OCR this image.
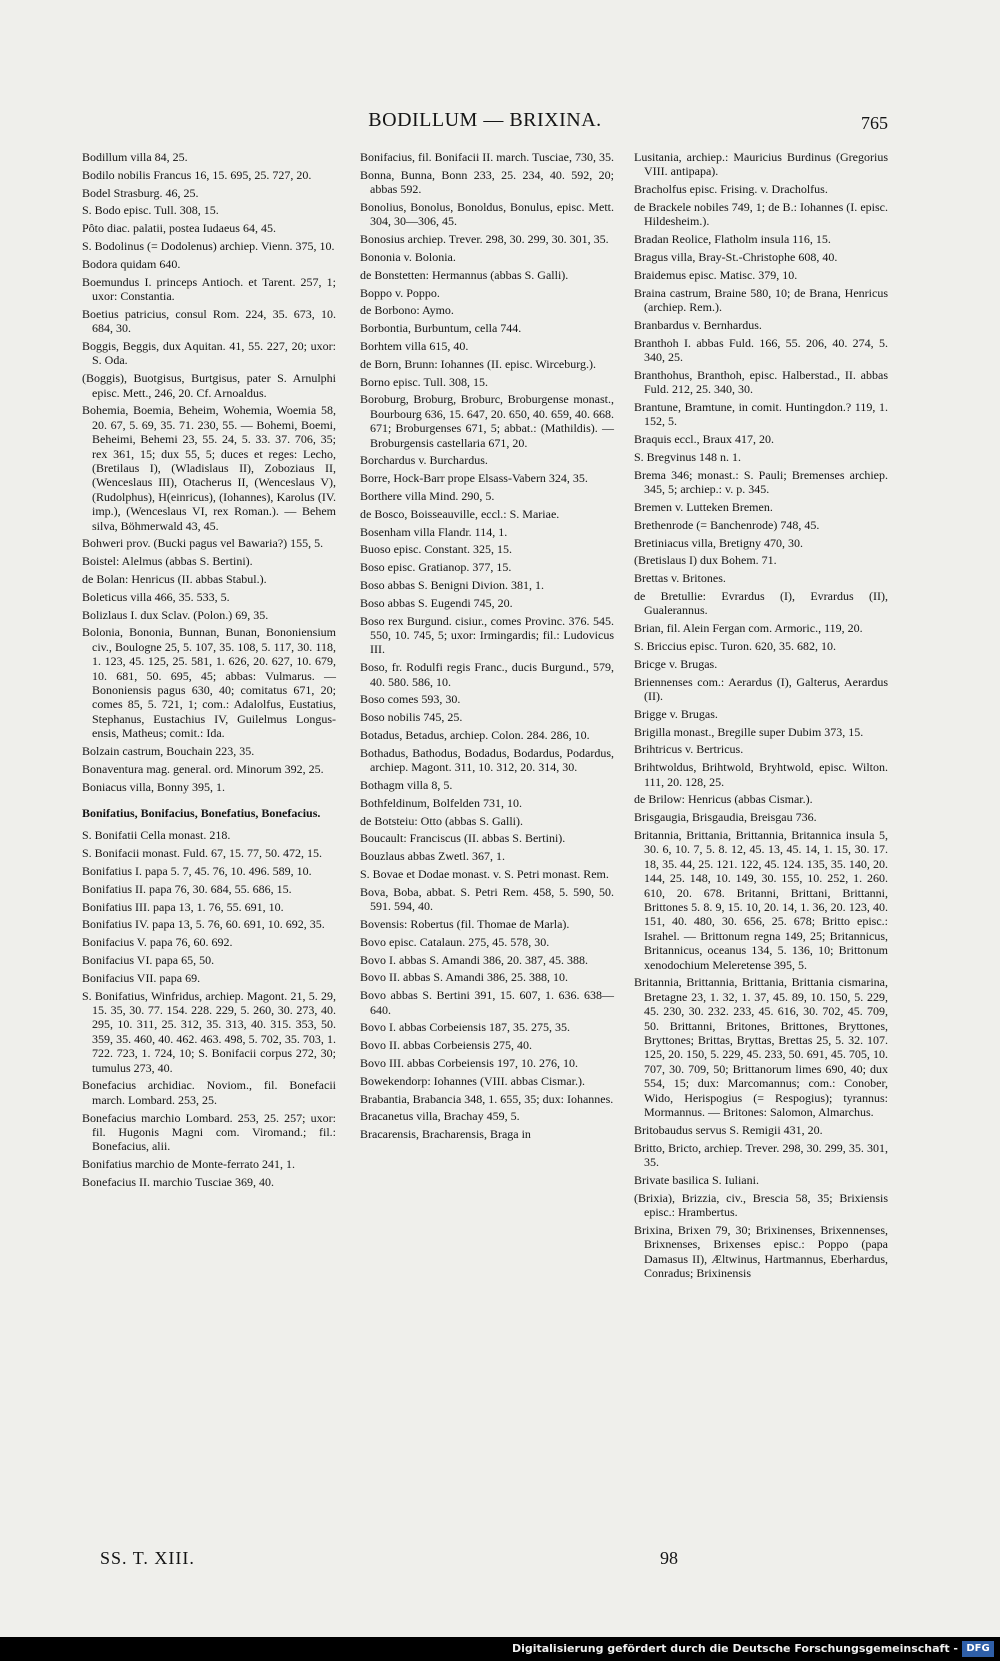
BODILLUM — BRIXINA.	765
Bodillum villa 84, 25.
Bodilo nobilis Francus 16, 15. 695, 25. 727, 20.
Bodel Strasburg. 46, 25.
S. Bodo episc. Tull. 308, 15.
Pôto diac. palatii, postea Iudaeus 64, 45.
S. Bodolinus (= Dodolenus) archiep. Vienn. 375, 10.
Bodora quidam 640.
Boemundus I. princeps Antioch. et Tarent. 257, 1; uxor: Constantia.
Boetius patricius, consul Rom. 224, 35. 673, 10. 684, 30.
Boggis, Beggis, dux Aquitan. 41, 55. 227, 20; uxor: S. Oda.
(Boggis), Buotgisus, Burtgisus, pater S. Arnulphi episc. Mett., 246, 20. Cf. Arnoaldus.
Bohemia, Boemia, Beheim, Wohemia, Woemia 58, 20. 67, 5. 69, 35. 71. 230, 55. — Bohemi, Boemi, Beheimi, Behemi 23, 55. 24, 5. 33. 37. 706, 35; rex 361, 15; dux 55, 5; duces et reges: Lecho, (Bretilaus I), (Wladislaus II), Zoboziaus II, (Wenceslaus III), Otacherus II, (Wenceslaus V), (Rudolphus), H(einricus), (Iohannes), Karolus (IV. imp.), (Wenceslaus VI, rex Roman.). — Behem silva, Böhmerwald 43, 45.
Bohweri prov. (Bucki pagus vel Bawaria?) 155, 5.
Boistel: Alelmus (abbas S. Bertini).
de Bolan: Henricus (II. abbas Stabul.).
Boleticus villa 466, 35. 533, 5.
Bolizlaus I. dux Sclav. (Polon.) 69, 35.
Bolonia, Bononia, Bunnan, Bunan, Bononiensium civ., Boulogne 25, 5. 107, 35. 108, 5. 117, 30. 118, 1. 123, 45. 125, 25. 581, 1. 626, 20. 627, 10. 679, 10. 681, 50. 695, 45; abbas: Vulmarus. — Bononiensis pagus 630, 40; comitatus 671, 20; comes 85, 5. 721, 1; com.: Adalolfus, Eustatius, Stephanus, Eustachius IV, Guilelmus Longus-ensis, Matheus; comit.: Ida.
Bolzain castrum, Bouchain 223, 35.
Bonaventura mag. general. ord. Minorum 392, 25.
Boniacus villa, Bonny 395, 1.
Bonifatius, Bonifacius, Bonefatius, Bonefacius.
S. Bonifatii Cella monast. 218.
S. Bonifacii monast. Fuld. 67, 15. 77, 50. 472, 15.
Bonifatius I. papa 5. 7, 45. 76, 10. 496. 589, 10.
Bonifatius II. papa 76, 30. 684, 55. 686, 15.
Bonifatius III. papa 13, 1. 76, 55. 691, 10.
Bonifatius IV. papa 13, 5. 76, 60. 691, 10. 692, 35.
Bonifacius V. papa 76, 60. 692.
Bonifacius VI. papa 65, 50.
Bonifacius VII. papa 69.
S. Bonifatius, Winfridus, archiep. Magont. 21, 5. 29, 15. 35, 30. 77. 154. 228. 229, 5. 260, 30. 273, 40. 295, 10. 311, 25. 312, 35. 313, 40. 315. 353, 50. 359, 35. 460, 40. 462. 463. 498, 5. 702, 35. 703, 1. 722. 723, 1. 724, 10; S. Bonifacii corpus 272, 30; tumulus 273, 40.
Bonefacius archidiac. Noviom., fil. Bonefacii march. Lombard. 253, 25.
Bonefacius marchio Lombard. 253, 25. 257; uxor: fil. Hugonis Magni com. Viromand.; fil.: Bonefacius, alii.
Bonifatius marchio de Monte-ferrato 241, 1.
Bonefacius II. marchio Tusciae 369, 40.
Bonifacius, fil. Bonifacii II. march. Tusciae, 730, 35.
Bonna, Bunna, Bonn 233, 25. 234, 40. 592, 20; abbas 592.
Bonolius, Bonolus, Bonoldus, Bonulus, episc. Mett. 304, 30—306, 45.
Bonosius archiep. Trever. 298, 30. 299, 30. 301, 35.
Bononia v. Bolonia.
de Bonstetten: Hermannus (abbas S. Galli).
Boppo v. Poppo.
de Borbono: Aymo.
Borbontia, Burbuntum, cella 744.
Borhtem villa 615, 40.
de Born, Brunn: Iohannes (II. episc. Wirceburg.).
Borno episc. Tull. 308, 15.
Boroburg, Broburg, Broburc, Broburgense monast., Bourbourg 636, 15. 647, 20. 650, 40. 659, 40. 668. 671; Broburgenses 671, 5; abbat.: (Mathildis). — Broburgensis castellaria 671, 20.
Borchardus v. Burchardus.
Borre, Hock-Barr prope Elsass-Vabern 324, 35.
Borthere villa Mind. 290, 5.
de Bosco, Boisseauville, eccl.: S. Mariae.
Bosenham villa Flandr. 114, 1.
Buoso episc. Constant. 325, 15.
Boso episc. Gratianop. 377, 15.
Boso abbas S. Benigni Divion. 381, 1.
Boso abbas S. Eugendi 745, 20.
Boso rex Burgund. cisiur., comes Provinc. 376. 545. 550, 10. 745, 5; uxor: Irmingardis; fil.: Ludovicus III.
Boso, fr. Rodulfi regis Franc., ducis Burgund., 579, 40. 580. 586, 10.
Boso comes 593, 30.
Boso nobilis 745, 25.
Botadus, Betadus, archiep. Colon. 284. 286, 10.
Bothadus, Bathodus, Bodadus, Bodardus, Podardus, archiep. Magont. 311, 10. 312, 20. 314, 30.
Bothagm villa 8, 5.
Bothfeldinum, Bolfelden 731, 10.
de Botsteiu: Otto (abbas S. Galli).
Boucault: Franciscus (II. abbas S. Bertini).
Bouzlaus abbas Zwetl. 367, 1.
S. Bovae et Dodae monast. v. S. Petri monast. Rem.
Bova, Boba, abbat. S. Petri Rem. 458, 5. 590, 50. 591. 594, 40.
Bovensis: Robertus (fil. Thomae de Marla).
Bovo episc. Catalaun. 275, 45. 578, 30.
Bovo I. abbas S. Amandi 386, 20. 387, 45. 388.
Bovo II. abbas S. Amandi 386, 25. 388, 10.
Bovo abbas S. Bertini 391, 15. 607, 1. 636. 638—640.
Bovo I. abbas Corbeiensis 187, 35. 275, 35.
Bovo II. abbas Corbeiensis 275, 40.
Bovo III. abbas Corbeiensis 197, 10. 276, 10.
Bowekendorp: Iohannes (VIII. abbas Cismar.).
Brabantia, Brabancia 348, 1. 655, 35; dux: Iohannes.
Bracanetus villa, Brachay 459, 5.
Bracarensis, Bracharensis, Braga in
Lusitania, archiep.: Mauricius Burdinus (Gregorius VIII. antipapa).
Bracholfus episc. Frising. v. Dracholfus.
de Brackele nobiles 749, 1; de B.: Iohannes (I. episc. Hildesheim.).
Bradan Reolice, Flatholm insula 116, 15.
Bragus villa, Bray-St.-Christophe 608, 40.
Braidemus episc. Matisc. 379, 10.
Braina castrum, Braine 580, 10; de Brana, Henricus (archiep. Rem.).
Branbardus v. Bernhardus.
Branthoh I. abbas Fuld. 166, 55. 206, 40. 274, 5. 340, 25.
Branthohus, Branthoh, episc. Halberstad., II. abbas Fuld. 212, 25. 340, 30.
Brantune, Bramtune, in comit. Huntingdon.? 119, 1. 152, 5.
Braquis eccl., Braux 417, 20.
S. Bregvinus 148 n. 1.
Brema 346; monast.: S. Pauli; Bremenses archiep. 345, 5; archiep.: v. p. 345.
Bremen v. Lutteken Bremen.
Brethenrode (= Banchenrode) 748, 45.
Bretiniacus villa, Bretigny 470, 30.
(Bretislaus I) dux Bohem. 71.
Brettas v. Britones.
de Bretullie: Evrardus (I), Evrardus (II), Gualerannus.
Brian, fil. Alein Fergan com. Armoric., 119, 20.
S. Briccius episc. Turon. 620, 35. 682, 10.
Bricge v. Brugas.
Briennenses com.: Aerardus (I), Galterus, Aerardus (II).
Brigge v. Brugas.
Brigilla monast., Bregille super Dubim 373, 15.
Brihtricus v. Bertricus.
Brihtwoldus, Brihtwold, Bryhtwold, episc. Wilton. 111, 20. 128, 25.
de Brilow: Henricus (abbas Cismar.).
Brisgaugia, Brisgaudia, Breisgau 736.
Britannia, Brittania, Brittannia, Britannica insula 5, 30. 6, 10. 7, 5. 8. 12, 45. 13, 45. 14, 1. 15, 30. 17. 18, 35. 44, 25. 121. 122, 45. 124. 135, 35. 140, 20. 144, 25. 148, 10. 149, 30. 155, 10. 252, 1. 260. 610, 20. 678. Britanni, Brittani, Brittanni, Brittones 5. 8. 9, 15. 10, 20. 14, 1. 36, 20. 123, 40. 151, 40. 480, 30. 656, 25. 678; Britto episc.: Israhel. — Brittonum regna 149, 25; Britannicus, Britannicus, oceanus 134, 5. 136, 10; Brittonum xenodochium Meleretense 395, 5.
Britannia, Brittannia, Brittania, Brittania cismarina, Bretagne 23, 1. 32, 1. 37, 45. 89, 10. 150, 5. 229, 45. 230, 30. 232. 233, 45. 616, 30. 702, 45. 709, 50. Brittanni, Britones, Brittones, Bryttones, Bryttones; Brittas, Bryttas, Brettas 25, 5. 32. 107. 125, 20. 150, 5. 229, 45. 233, 50. 691, 45. 705, 10. 707, 30. 709, 50; Brittanorum limes 690, 40; dux 554, 15; dux: Marcomannus; com.: Conober, Wido, Herispogius (= Respogius); tyrannus: Mormannus. — Britones: Salomon, Almarchus.
Britobaudus servus S. Remigii 431, 20.
Britto, Bricto, archiep. Trever. 298, 30. 299, 35. 301, 35.
Brivate basilica S. Iuliani.
(Brixia), Brizzia, civ., Brescia 58, 35; Brixiensis episc.: Hrambertus.
Brixina, Brixen 79, 30; Brixinenses, Brixennenses, Brixnenses, Brixenses episc.: Poppo (papa Damasus II), Æltwinus, Hartmannus, Eberhardus, Conradus; Brixinensis
SS. T. XIII.	98
Digitalisierung gefördert durch die Deutsche Forschungsgemeinschaft - DFG
